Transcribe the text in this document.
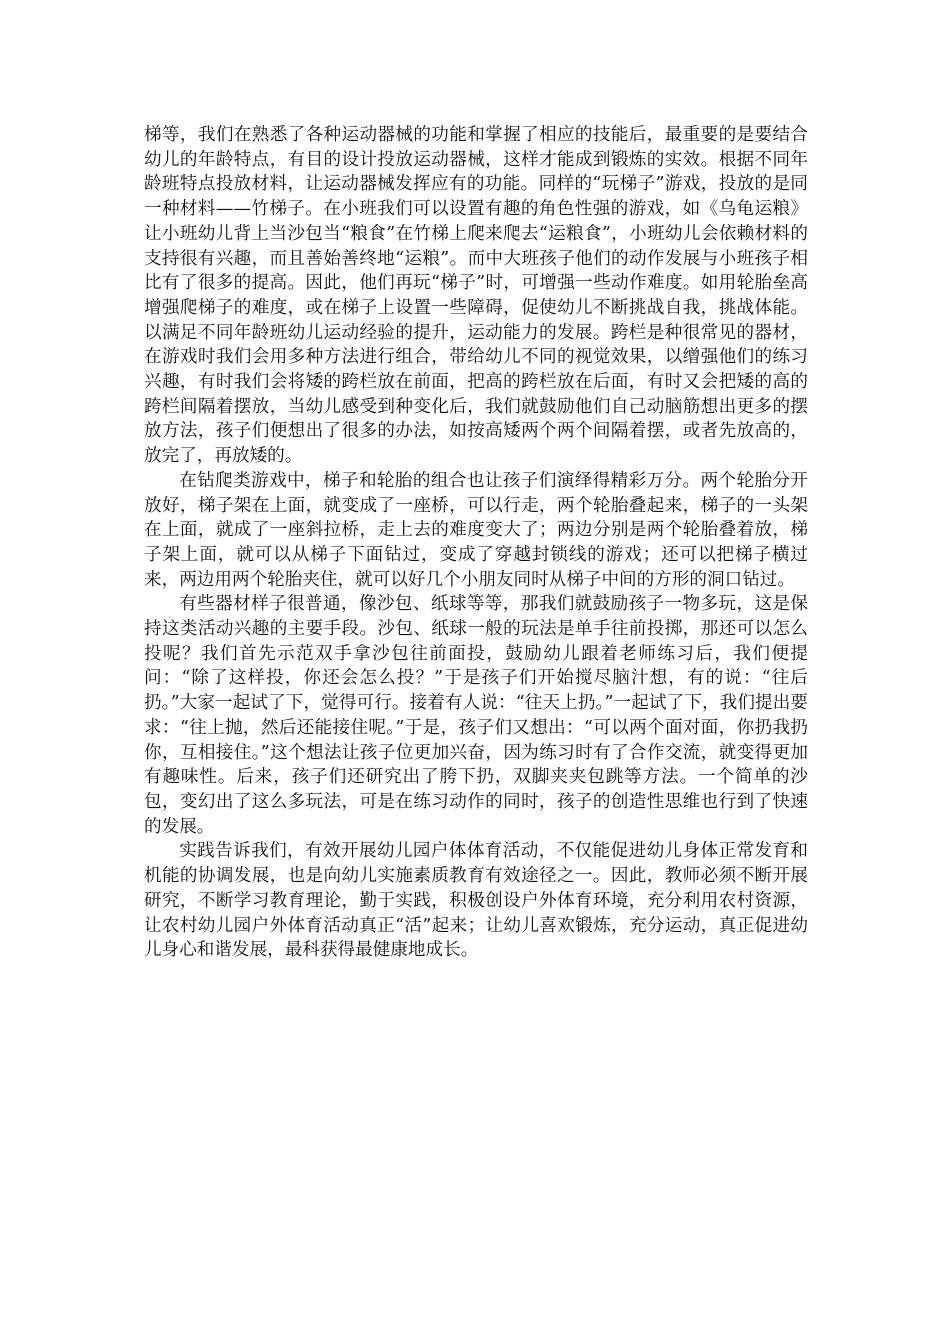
梯等，我们在熟悉了各种运动器械的功能和掌握了相应的技能后，最重要的是要结合幼儿的年龄特点，有目的设计投放运动器械，这样才能成到锻炼的实效。根据不同年龄班特点投放材料，让运动器械发挥应有的功能。同样的“玩梯子”游戏，投放的是同一种材料——竹梯子。在小班我们可以设置有趣的角色性强的游戏，如《乌龟运粮》让小班幼儿背上当沙包当“粮食”在竹梯上爬来爬去“运粮食”，小班幼儿会依赖材料的支持很有兴趣，而且善始善终地“运粮”。而中大班孩子他们的动作发展与小班孩子相比有了很多的提高。因此，他们再玩“梯子”时，可增强一些动作难度。如用轮胎垒高增强爬梯子的难度，或在梯子上设置一些障碍，促使幼儿不断挑战自我，挑战体能。以满足不同年龄班幼儿运动经验的提升，运动能力的发展。跨栏是种很常见的器材，在游戏时我们会用多种方法进行组合，带给幼儿不同的视觉效果，以缯强他们的练习兴趣，有时我们会将矮的跨栏放在前面，把高的跨栏放在后面，有时又会把矮的高的跨栏间隔着摆放，当幼儿感受到种变化后，我们就鼓励他们自己动脑筋想出更多的摆放方法，孩子们便想出了很多的办法，如按高矮两个两个间隔着摆，或者先放高的，放完了，再放矮的。

在钻爬类游戏中，梯子和轮胎的组合也让孩子们演绎得精彩万分。两个轮胎分开放好，梯子架在上面，就变成了一座桥，可以行走，两个轮胎叠起来，梯子的一头架在上面，就成了一座斜拉桥，走上去的难度变大了；两边分别是两个轮胎叠着放，梯子架上面，就可以从梯子下面钻过，变成了穿越封锁线的游戏；还可以把梯子横过来，两边用两个轮胎夹住，就可以好几个小朋友同时从梯子中间的方形的洞口钻过。

有些器材样子很普通，像沙包、纸球等等，那我们就鼓励孩子一物多玩，这是保持这类活动兴趣的主要手段。沙包、纸球一般的玩法是单手往前投掷，那还可以怎么投呢？我们首先示范双手拿沙包往前面投，鼓励幼儿跟着老师练习后，我们便提问：“除了这样投，你还会怎么投？”于是孩子们开始搅尽脑汁想，有的说：“往后扔。”大家一起试了下，觉得可行。接着有人说：“往天上扔。”一起试了下，我们提出要求：“往上抛，然后还能接住呢。”于是，孩子们又想出：“可以两个面对面，你扔我扔你，互相接住。”这个想法让孩子位更加兴奋，因为练习时有了合作交流，就变得更加有趣味性。后来，孩子们还研究出了胯下扔，双脚夹夹包跳等方法。一个简单的沙包，变幻出了这么多玩法，可是在练习动作的同时，孩子的创造性思维也行到了快速的发展。

实践告诉我们，有效开展幼儿园户体体育活动，不仅能促进幼儿身体正常发育和机能的协调发展，也是向幼儿实施素质教育有效途径之一。因此，教师必须不断开展研究，不断学习教育理论，勤于实践，积极创设户外体育环境，充分利用农村资源，让农村幼儿园户外体育活动真正“活”起来；让幼儿喜欢锻炼，充分运动，真正促进幼儿身心和谐发展，最科获得最健康地成长。
